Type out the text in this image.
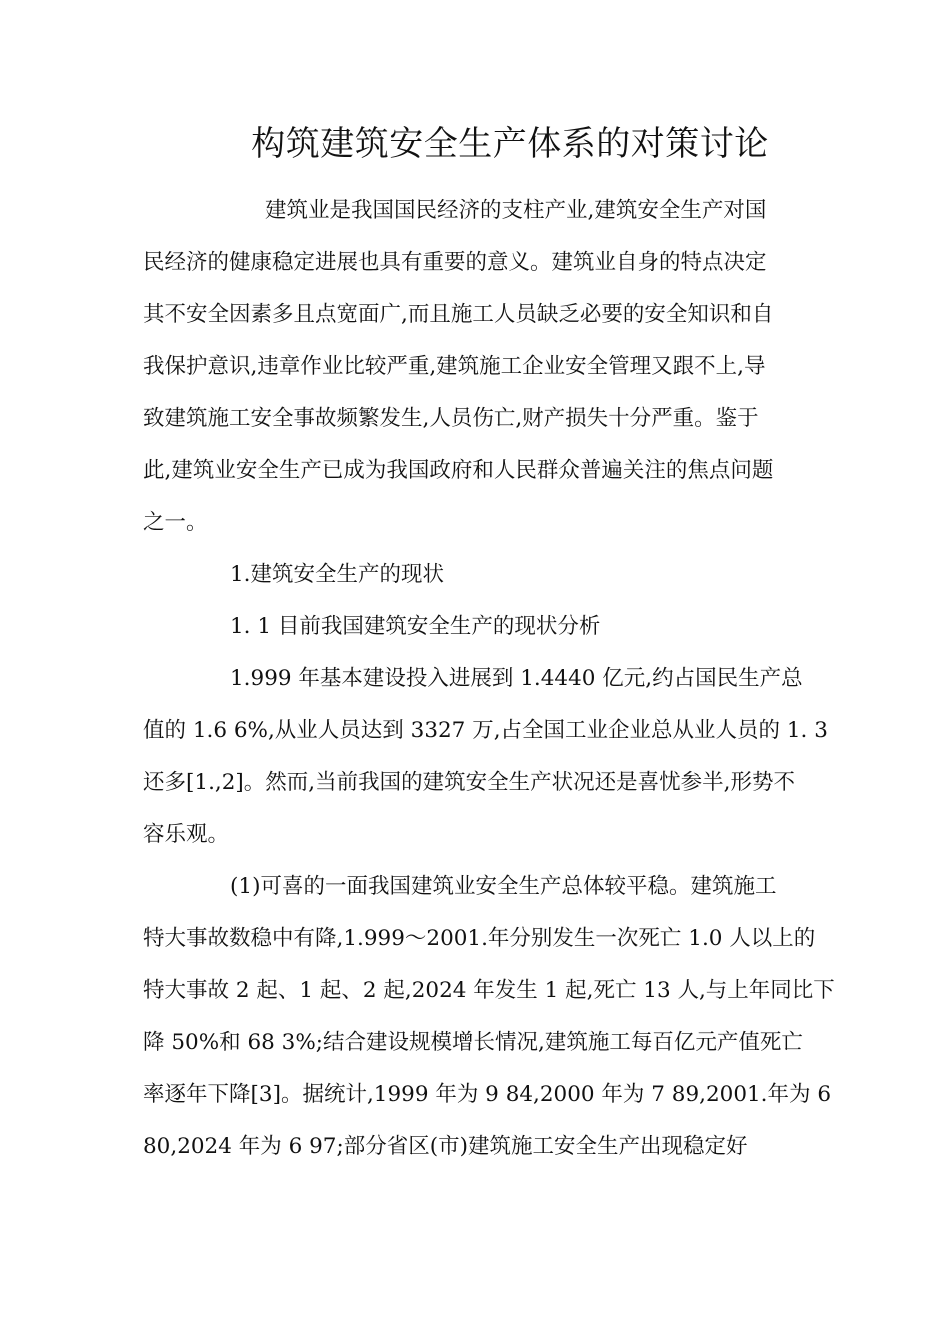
构筑建筑安全生产体系的对策讨论
建筑业是我国国民经济的支柱产业,建筑安全生产对国
民经济的健康稳定进展也具有重要的意义。建筑业自身的特点决定
其不安全因素多且点宽面广,而且施工人员缺乏必要的安全知识和自
我保护意识,违章作业比较严重,建筑施工企业安全管理又跟不上,导
致建筑施工安全事故频繁发生,人员伤亡,财产损失十分严重。鉴于
此,建筑业安全生产已成为我国政府和人民群众普遍关注的焦点问题
之一。
1.建筑安全生产的现状
1. 1 目前我国建筑安全生产的现状分析
1.999 年基本建设投入进展到 1.4440 亿元,约占国民生产总
值的 1.6 6%,从业人员达到 3327 万,占全国工业企业总从业人员的 1. 3
还多[1.,2]。然而,当前我国的建筑安全生产状况还是喜忧参半,形势不
容乐观。
(1)可喜的一面我国建筑业安全生产总体较平稳。建筑施工
特大事故数稳中有降,1.999～2001.年分别发生一次死亡 1.0 人以上的
特大事故 2 起、1 起、2 起,2024 年发生 1 起,死亡 13 人,与上年同比下
降 50%和 68 3%;结合建设规模增长情况,建筑施工每百亿元产值死亡
率逐年下降[3]。据统计,1999 年为 9 84,2000 年为 7 89,2001.年为 6
80,2024 年为 6 97;部分省区(市)建筑施工安全生产出现稳定好
